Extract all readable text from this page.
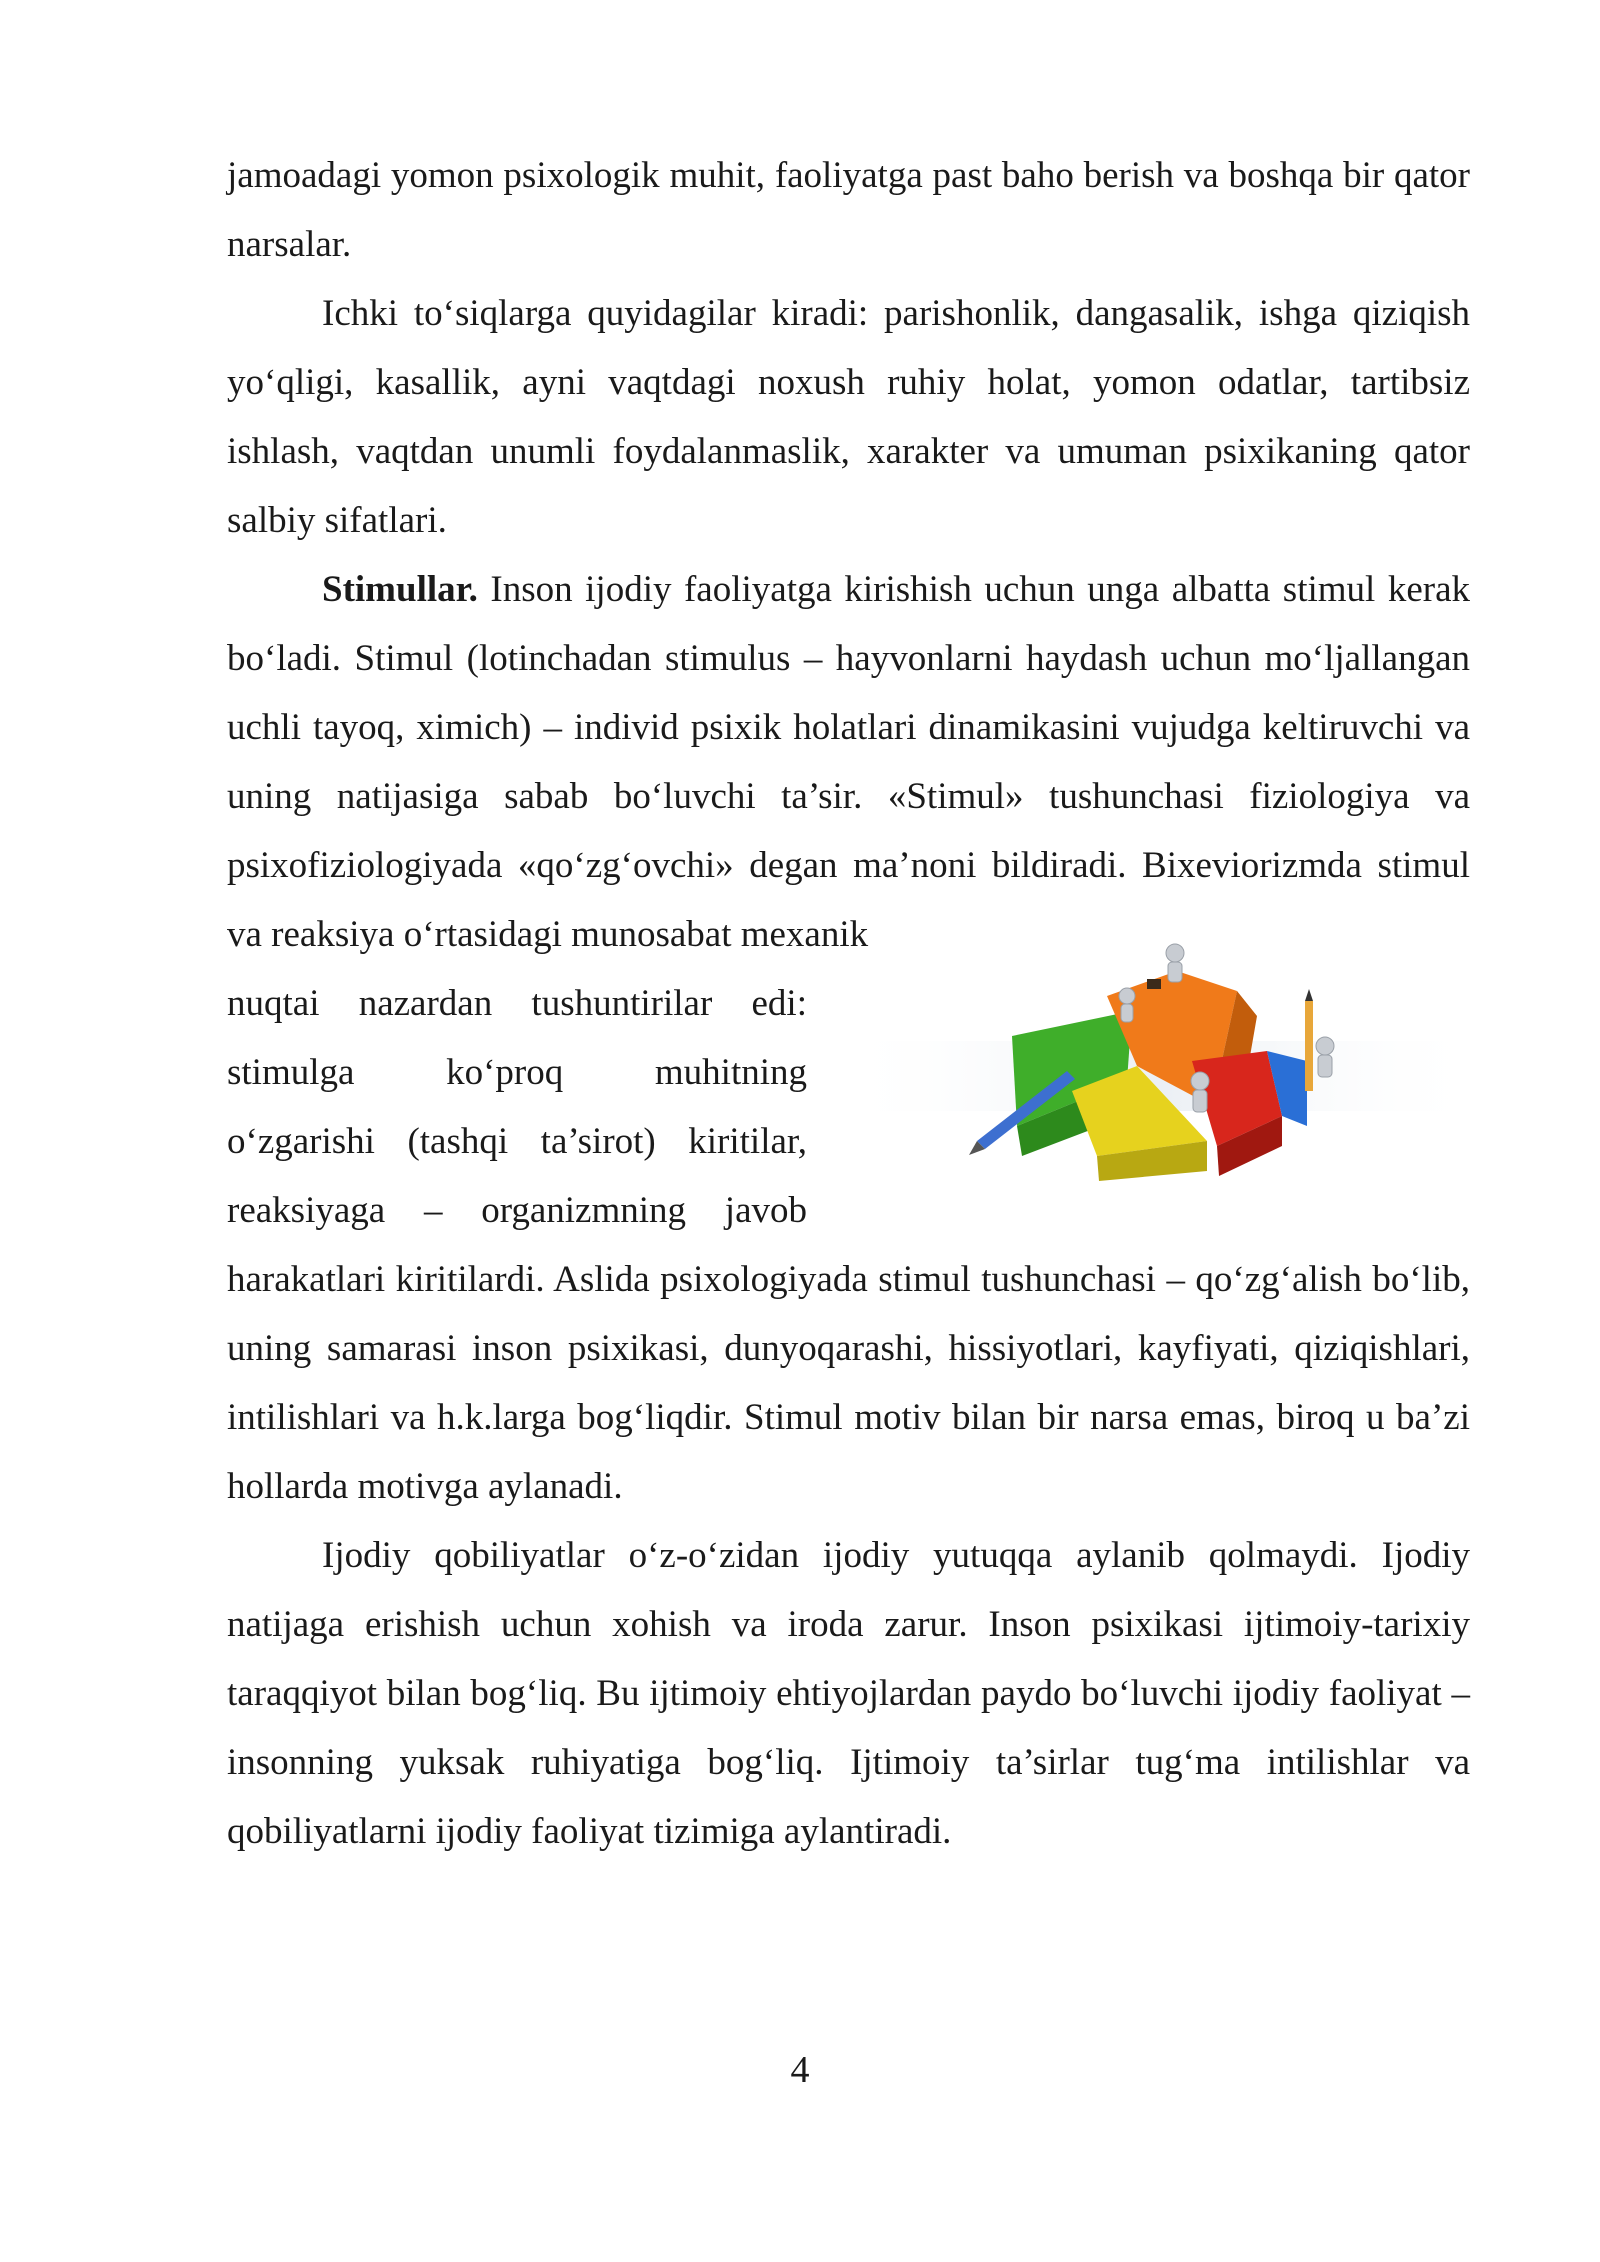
jamoadagi yomon psixologik muhit, faoliyatga past baho berish va boshqa bir qator narsalar.

Ichki to‘siqlarga quyidagilar kiradi: parishonlik, dangasalik, ishga qiziqish yo‘qligi, kasallik, ayni vaqtdagi noxush ruhiy holat, yomon odatlar, tartibsiz ishlash, vaqtdan unumli foydalanmaslik, xarakter va umuman psixikaning qator salbiy sifatlari.

Stimullar. Inson ijodiy faoliyatga kirishish uchun unga albatta stimul kerak bo‘ladi. Stimul (lotinchadan stimulus – hayvonlarni haydash uchun mo‘ljallangan uchli tayoq, ximich) – individ psixik holatlari dinamikasini vujudga keltiruvchi va uning natijasiga sabab bo‘luvchi ta’sir. «Stimul» tushunchasi fiziologiya va psixofiziologiyada «qo‘zg‘ovchi» degan ma’noni bildiradi. Bixeviorizmda stimul va reaksiya o‘rtasidagi munosabat mexanik

nuqtai nazardan tushuntirilar edi:
stimulga ko‘proq muhitning
o‘zgarishi (tashqi ta’sirot) kiritilar,
reaksiyaga – organizmning javob

harakatlari kiritilardi. Aslida psixologiyada stimul tushunchasi – qo‘zg‘alish bo‘lib, uning samarasi inson psixikasi, dunyoqarashi, hissiyotlari, kayfiyati, qiziqishlari, intilishlari va h.k.larga bog‘liqdir. Stimul motiv bilan bir narsa emas, biroq u ba’zi hollarda motivga aylanadi.

Ijodiy qobiliyatlar o‘z-o‘zidan ijodiy yutuqqa aylanib qolmaydi. Ijodiy natijaga erishish uchun xohish va iroda zarur. Inson psixikasi ijtimoiy-tarixiy taraqqiyot bilan bog‘liq. Bu ijtimoiy ehtiyojlardan paydo bo‘luvchi ijodiy faoliyat – insonning yuksak ruhiyatiga bog‘liq. Ijtimoiy ta’sirlar tug‘ma intilishlar va qobiliyatlarni ijodiy faoliyat tizimiga aylantiradi.

4
